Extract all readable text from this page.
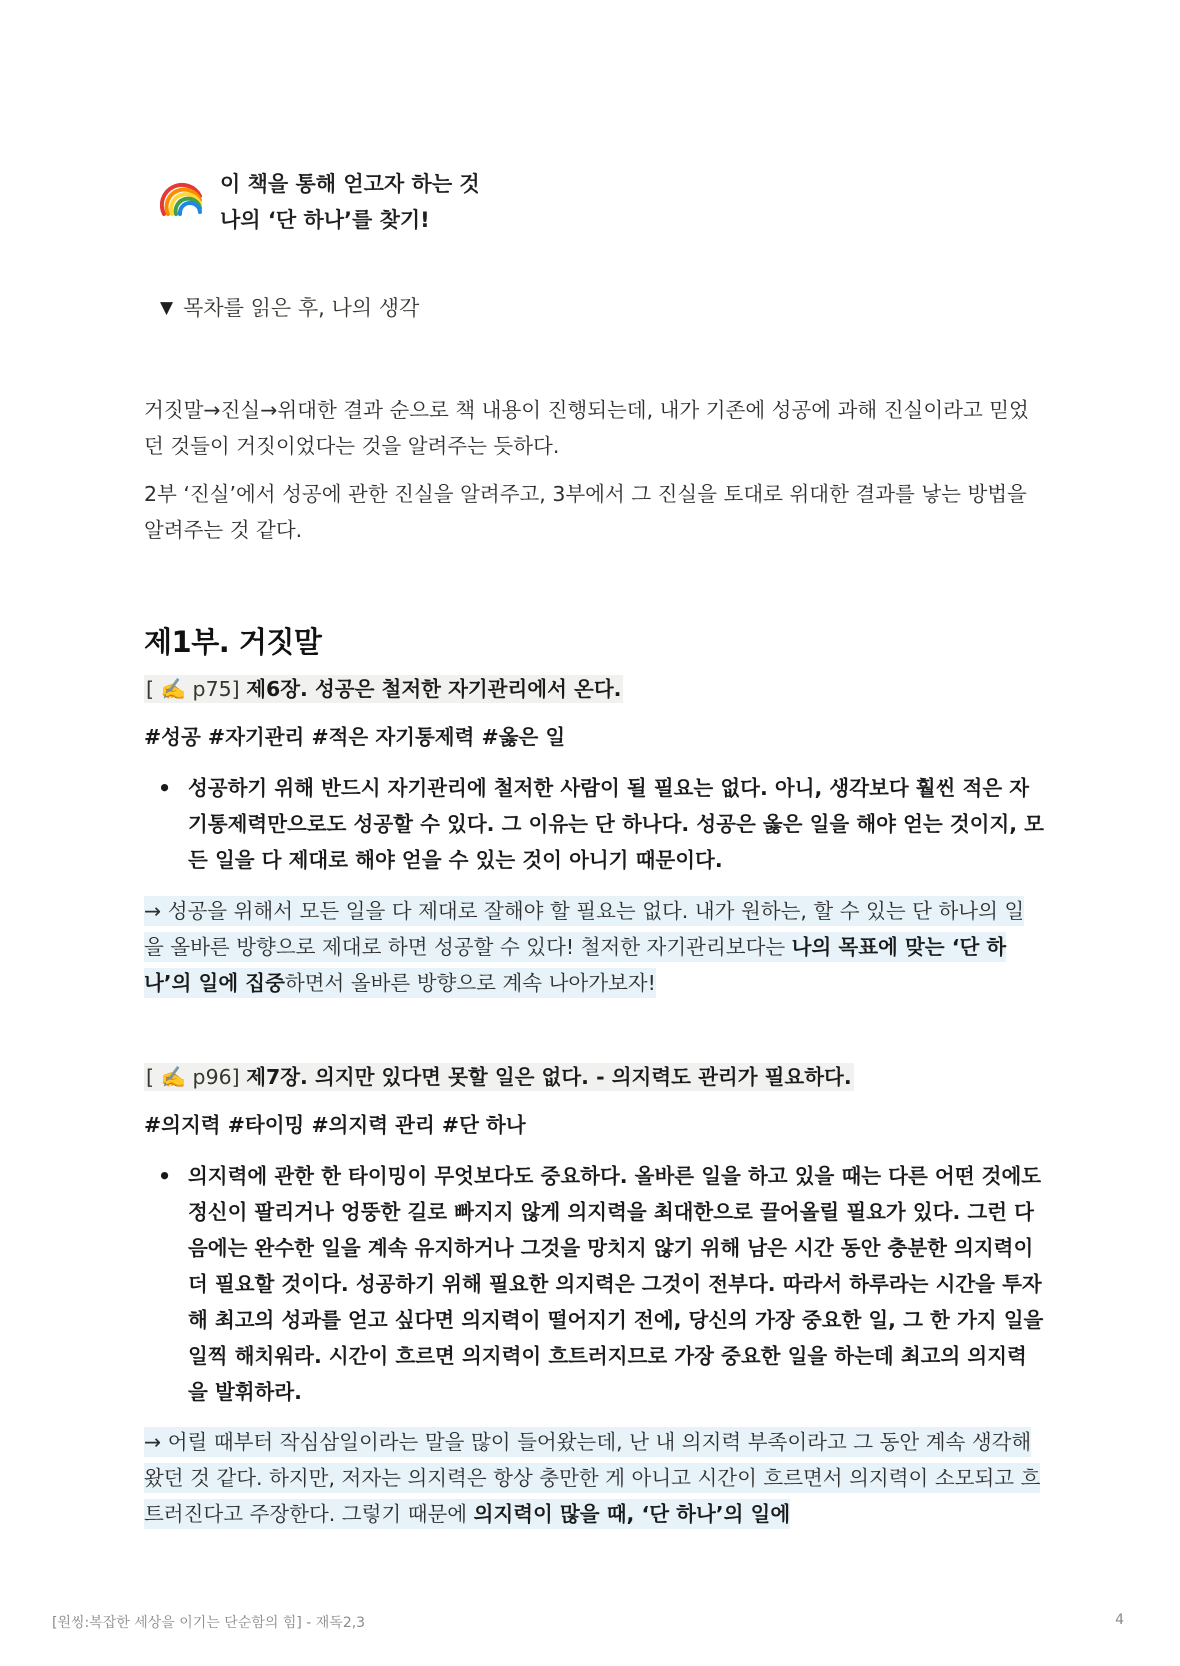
이 책을 통해 얻고자 하는 것
나의 ‘단 하나’를 찾기!
▼ 목차를 읽은 후, 나의 생각
거짓말→진실→위대한 결과 순으로 책 내용이 진행되는데, 내가 기존에 성공에 과해 진실이라고 믿었던 것들이 거짓이었다는 것을 알려주는 듯하다.
2부 ‘진실’에서 성공에 관한 진실을 알려주고, 3부에서 그 진실을 토대로 위대한 결과를 낳는 방법을 알려주는 것 같다.
제1부. 거짓말
[ ✍️ p75] 제6장. 성공은 철저한 자기관리에서 온다.
#성공 #자기관리 #적은 자기통제력 #옳은 일
• 성공하기 위해 반드시 자기관리에 철저한 사람이 될 필요는 없다. 아니, 생각보다 훨씬 적은 자기통제력만으로도 성공할 수 있다. 그 이유는 단 하나다. 성공은 옳은 일을 해야 얻는 것이지, 모든 일을 다 제대로 해야 얻을 수 있는 것이 아니기 때문이다.
→ 성공을 위해서 모든 일을 다 제대로 잘해야 할 필요는 없다. 내가 원하는, 할 수 있는 단 하나의 일을 올바른 방향으로 제대로 하면 성공할 수 있다! 철저한 자기관리보다는 나의 목표에 맞는 ‘단 하나’의 일에 집중하면서 올바른 방향으로 계속 나아가보자!
[ ✍️ p96] 제7장. 의지만 있다면 못할 일은 없다. - 의지력도 관리가 필요하다.
#의지력 #타이밍 #의지력 관리 #단 하나
• 의지력에 관한 한 타이밍이 무엇보다도 중요하다. 올바른 일을 하고 있을 때는 다른 어떤 것에도 정신이 팔리거나 엉뚱한 길로 빠지지 않게 의지력을 최대한으로 끌어올릴 필요가 있다. 그런 다음에는 완수한 일을 계속 유지하거나 그것을 망치지 않기 위해 남은 시간 동안 충분한 의지력이 더 필요할 것이다. 성공하기 위해 필요한 의지력은 그것이 전부다. 따라서 하루라는 시간을 투자해 최고의 성과를 얻고 싶다면 의지력이 떨어지기 전에, 당신의 가장 중요한 일, 그 한 가지 일을 일찍 해치워라. 시간이 흐르면 의지력이 흐트러지므로 가장 중요한 일을 하는데 최고의 의지력을 발휘하라.
→ 어릴 때부터 작심삼일이라는 말을 많이 들어왔는데, 난 내 의지력 부족이라고 그 동안 계속 생각해왔던 것 같다. 하지만, 저자는 의지력은 항상 충만한 게 아니고 시간이 흐르면서 의지력이 소모되고 흐트러진다고 주장한다. 그렇기 때문에 의지력이 많을 때, ‘단 하나’의 일에
[원씽:복잡한 세상을 이기는 단순함의 힘] - 재독2,3	4
